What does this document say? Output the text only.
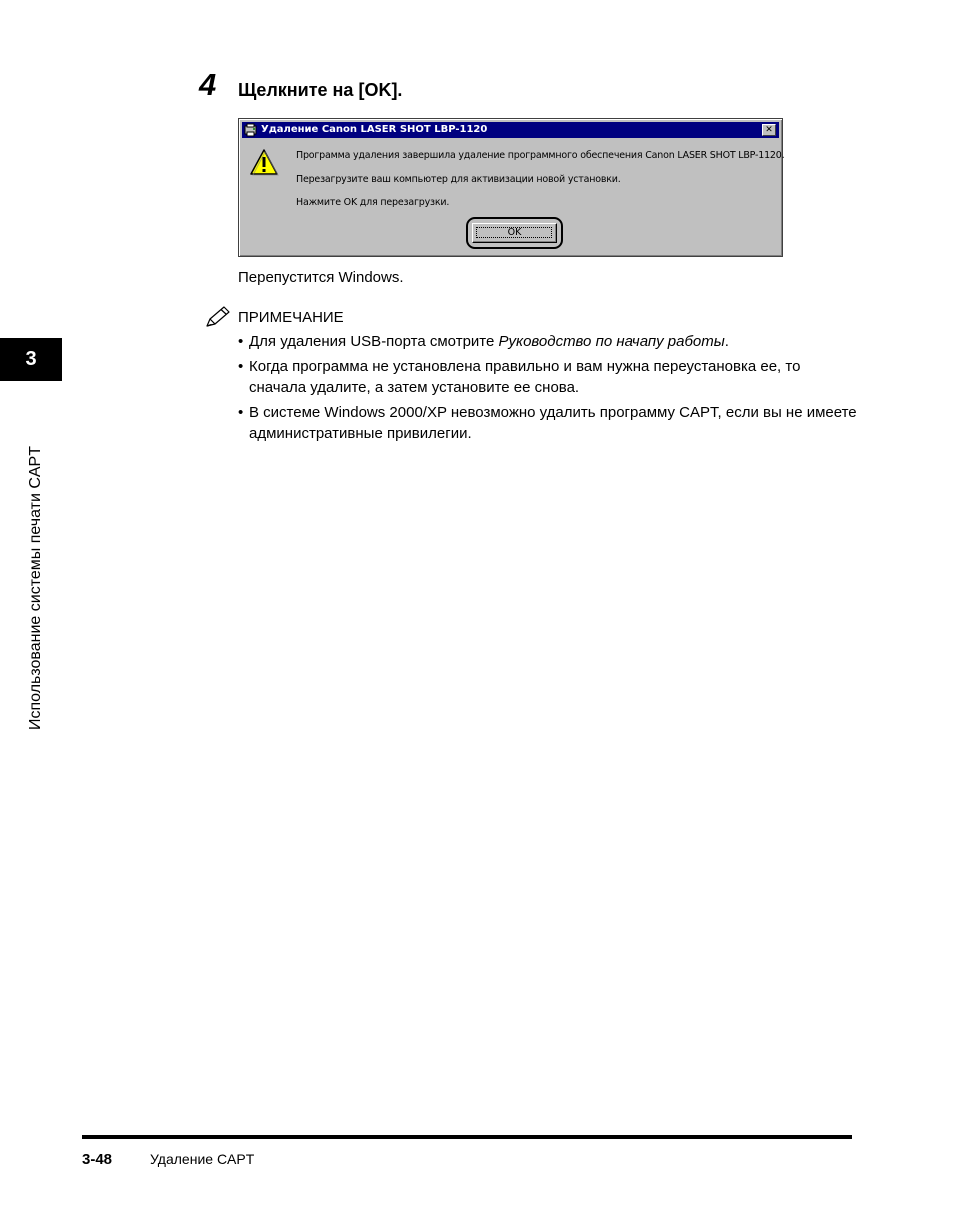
4 Щелкните на [OK].
Удаление Canon LASER SHOT LBP-1120	✕
Программа удаления завершила удаление программного обеспечения Canon LASER SHOT LBP-1120.
Перезагрузите ваш компьютер для активизации новой установки.
Нажмите OK для перезагрузки.
OK
Перепустится Windows.
ПРИМЕЧАНИЕ
• Для удаления USB-порта смотрите Руководство по начапу работы.
• Когда программа не установлена правильно и вам нужна переустановка ее, то сначала удалите, а затем установите ее снова.
• В системе Windows 2000/XP невозможно удалить программу CAPT, если вы не имеете административные привилегии.
3
Использование системы печати CAPT
3-48	Удаление CAPT
